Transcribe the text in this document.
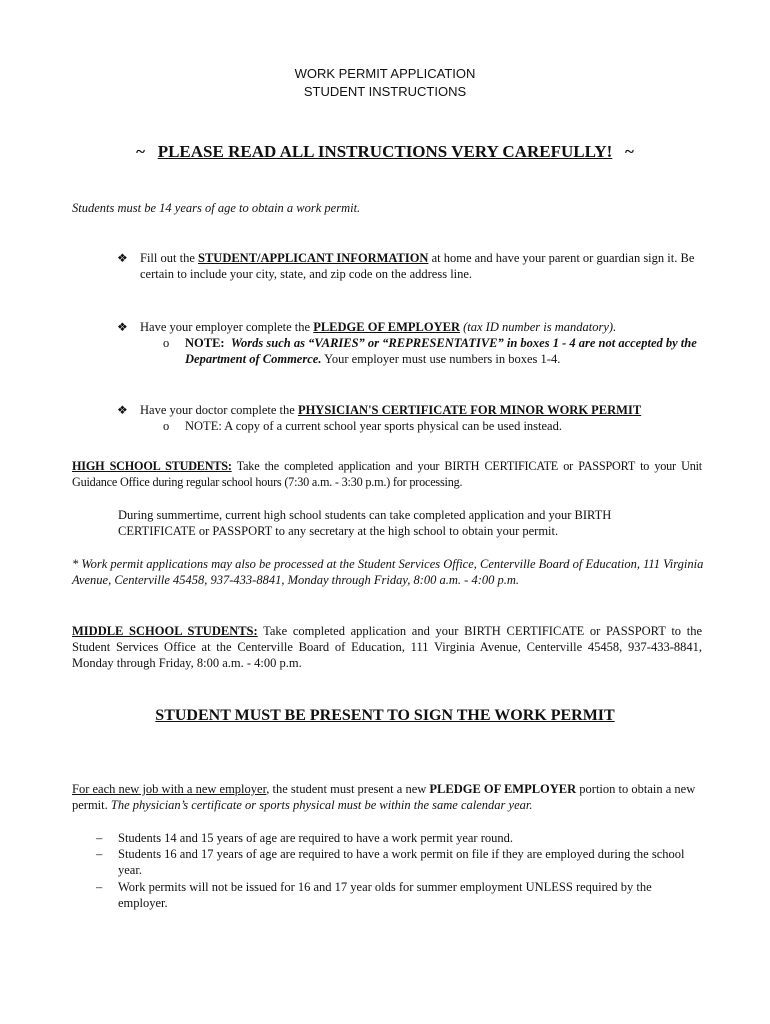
WORK PERMIT APPLICATION
STUDENT INSTRUCTIONS
~ PLEASE READ ALL INSTRUCTIONS VERY CAREFULLY! ~
Students must be 14 years of age to obtain a work permit.
❖ Fill out the STUDENT/APPLICANT INFORMATION at home and have your parent or guardian sign it. Be certain to include your city, state, and zip code on the address line.
❖ Have your employer complete the PLEDGE OF EMPLOYER (tax ID number is mandatory).
o NOTE: Words such as “VARIES” or “REPRESENTATIVE” in boxes 1 - 4 are not accepted by the Department of Commerce. Your employer must use numbers in boxes 1-4.
❖ Have your doctor complete the PHYSICIAN'S CERTIFICATE FOR MINOR WORK PERMIT
o NOTE: A copy of a current school year sports physical can be used instead.
HIGH SCHOOL STUDENTS: Take the completed application and your BIRTH CERTIFICATE or PASSPORT to your Unit Guidance Office during regular school hours (7:30 a.m. - 3:30 p.m.) for processing.
During summertime, current high school students can take completed application and your BIRTH CERTIFICATE or PASSPORT to any secretary at the high school to obtain your permit.
* Work permit applications may also be processed at the Student Services Office, Centerville Board of Education, 111 Virginia Avenue, Centerville 45458, 937-433-8841, Monday through Friday, 8:00 a.m. - 4:00 p.m.
MIDDLE SCHOOL STUDENTS: Take completed application and your BIRTH CERTIFICATE or PASSPORT to the Student Services Office at the Centerville Board of Education, 111 Virginia Avenue, Centerville 45458, 937-433-8841, Monday through Friday, 8:00 a.m. - 4:00 p.m.
STUDENT MUST BE PRESENT TO SIGN THE WORK PERMIT
For each new job with a new employer, the student must present a new PLEDGE OF EMPLOYER portion to obtain a new permit. The physician’s certificate or sports physical must be within the same calendar year.
– Students 14 and 15 years of age are required to have a work permit year round.
– Students 16 and 17 years of age are required to have a work permit on file if they are employed during the school year.
– Work permits will not be issued for 16 and 17 year olds for summer employment UNLESS required by the employer.
